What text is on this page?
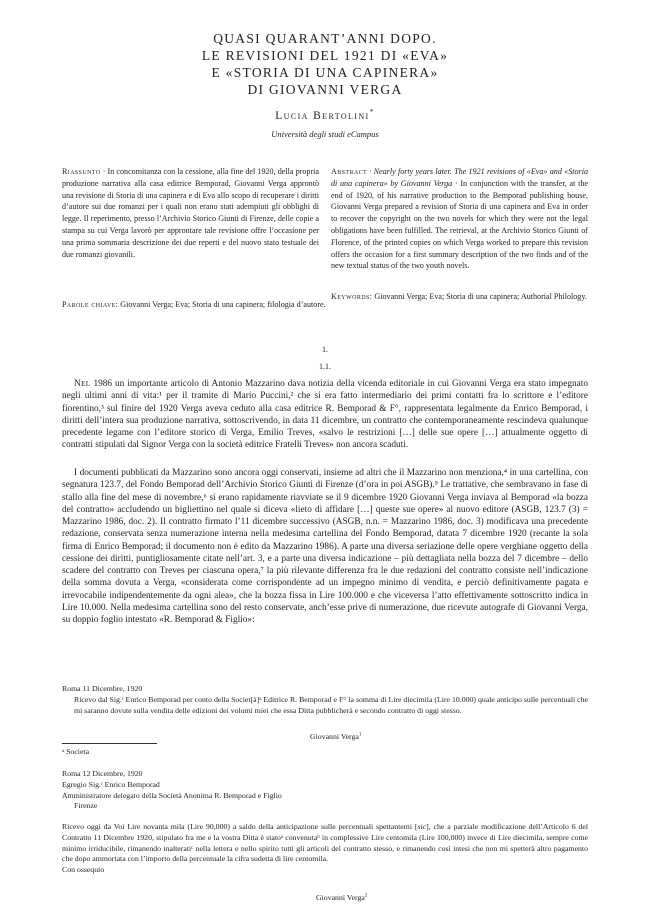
QUASI QUARANT’ANNI DOPO.
LE REVISIONI DEL 1921 DI «EVA»
E «STORIA DI UNA CAPINERA»
DI GIOVANNI VERGA
Lucia Bertolini*
Università degli studi eCampus
Riassunto · In concomitanza con la cessione, alla fine del 1920, della propria produzione narrativa alla casa editrice Bemporad, Giovanni Verga approntò una revisione di Storia di una capinera e di Eva allo scopo di recuperare i diritti d’autore sui due romanzi per i quali non erano stati adempiuti gli obblighi di legge. Il reperimento, presso l’Archivio Storico Giunti di Firenze, delle copie a stampa su cui Verga lavorò per approntare tale revisione offre l’occasione per una prima sommaria descrizione dei due reperti e del nuovo stato testuale dei due romanzi giovanili.
Abstract · Nearly forty years later. The 1921 revisions of «Eva» and «Storia di una capinera» by Giovanni Verga · In conjunction with the transfer, at the end of 1920, of his narrative production to the Bemporad publishing house, Giovanni Verga prepared a revision of Storia di una capinera and Eva in order to recover the copyright on the two novels for which they were not the legal obligations have been fulfilled. The retrieval, at the Archivio Storico Giunti of Florence, of the printed copies on which Verga worked to prepare this revision offers the occasion for a first summary description of the two finds and of the new textual status of the two youth novels.
Parole chiave: Giovanni Verga; Eva; Storia di una capinera; filologia d’autore.
Keywords: Giovanni Verga; Eva; Storia di una capinera; Authorial Philology.
1.
1.1.
Nel 1986 un importante articolo di Antonio Mazzarino dava notizia della vicenda editoriale in cui Giovanni Verga era stato impegnato negli ultimi anni di vita:¹ per il tramite di Mario Puccini,² che si era fatto intermediario dei primi contatti fra lo scrittore e l’editore fiorentino,³ sul finire del 1920 Verga aveva ceduto alla casa editrice R. Bemporad & F°, rappresentata legalmente da Enrico Bemporad, i diritti dell’intera sua produzione narrativa, sottoscrivendo, in data 11 dicembre, un contratto che contemporaneamente rescindeva qualunque precedente legame con l’editore storico di Verga, Emilio Treves, «salvo le restrizioni […] delle sue opere […] attualmente oggetto di contratti stipulati dal Signor Verga con la società editrice Fratelli Treves» non ancora scaduti.
I documenti pubblicati da Mazzarino sono ancora oggi conservati, insieme ad altri che il Mazzarino non menziona,⁴ in una cartellina, con segnatura 123.7, del Fondo Bemporad dell’Archivio Storico Giunti di Firenze (d’ora in poi ASGB).⁵ Le trattative, che sembravano in fase di stallo alla fine del mese di novembre,⁶ si erano rapidamente riavviate se il 9 dicembre 1920 Giovanni Verga inviava al Bemporad «la bozza del contratto» accludendo un bigliettino nel quale si diceva «lieto di affidare […] queste sue opere» al nuovo editore (ASGB, 123.7 (3) = Mazzarino 1986, doc. 2). Il contratto firmato l’11 dicembre successivo (ASGB, n.n. = Mazzarino 1986, doc. 3) modificava una precedente redazione, conservata senza numerazione interna nella medesima cartellina del Fondo Bemporad, datata 7 dicembre 1920 (recante la sola firma di Enrico Bemporad; il documento non è edito da Mazzarino 1986). A parte una diversa seriazione delle opere verghiane oggetto della cessione dei diritti, puntigliosamente citate nell’art. 3, e a parte una diversa indicazione – più dettagliata nella bozza del 7 dicembre – dello scadere del contratto con Treves per ciascuna opera,⁷ la più rilevante differenza fra le due redazioni del contratto consiste nell’indicazione della somma dovuta a Verga, «considerata come corrispondente ad un impegno minimo di vendita, e perciò definitivamente pagata e irrevocabile indipendentemente da ogni alea», che la bozza fissa in Lire 100.000 e che viceversa l’atto effettivamente sottoscritto indica in Lire 10.000. Nella medesima cartellina sono del resto conservate, anch’esse prive di numerazione, due ricevute autografe di Giovanni Verga, su doppio foglio intestato «R. Bemporad & Figlio»:
Roma 11 Dicembre, 1920
Ricevo dal Sig.ʳ Enrico Bemporad per conto della Societ[à]ᵃ Editrice R. Bemporad e F° la somma di Lire diecimila (Lire 10.000) quale anticipo sulle percentuali che mi saranno dovute sulla vendita delle edizioni dei volumi miei che essa Ditta pubblicherà e secondo contratto di oggi stesso.
Giovanni Verga$^1$
ᵃ Societa
Roma 12 Dicembre, 1920
Egregio Sig.ʳ Enrico Bemporad
Amministratore delegato della Società Anonima R. Bemporad e Figlio
Firenze
Ricevo oggi da Voi Lire novanta mila (Lire 90,000) a saldo della anticipazione sulle percentuali spettantemi [sic], che a parziale modificazione dell’Articolo 6 del Contratto 11 Dicembre 1920, stipulato fra me e la vostra Ditta è statoᵃ convenutaᵇ in complessive Lire centomila (Lire 100,000) invece di Lire diecimila, sempre come minimo irriducibile, rimanendo inalteratiᶜ nella lettera e nello spirito tutti gli articoli del contratto stesso, e rimanendo così intesi che non mi spetterà altro pagamento che dopo ammortata con l’importo della percentuale la cifra sudetta di lire centomila.
Con ossequio
Giovanni Verga$^2$
